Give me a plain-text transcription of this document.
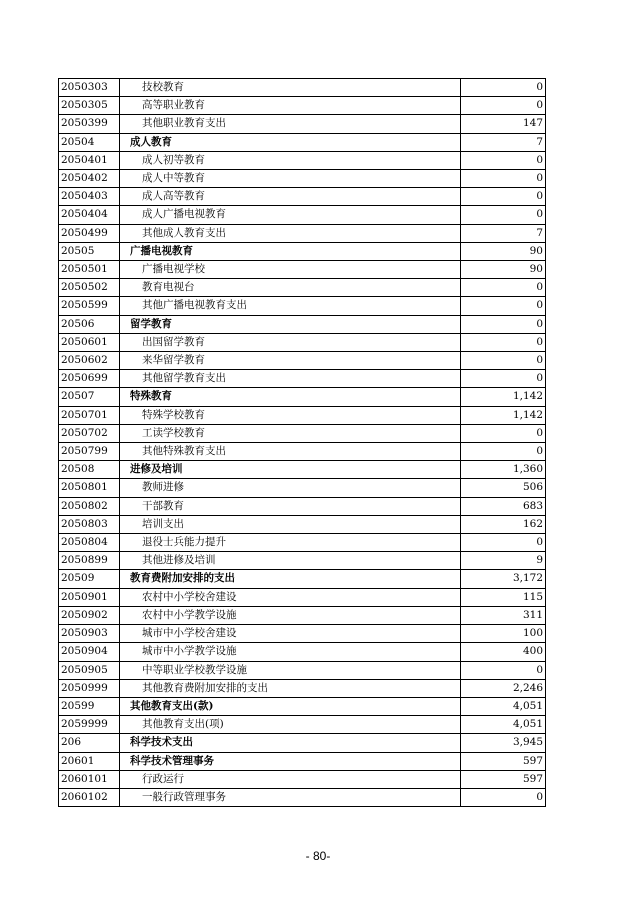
2050303	技校教育	0
2050305	高等职业教育	0
2050399	其他职业教育支出	147
20504	成人教育	7
2050401	成人初等教育	0
2050402	成人中等教育	0
2050403	成人高等教育	0
2050404	成人广播电视教育	0
2050499	其他成人教育支出	7
20505	广播电视教育	90
2050501	广播电视学校	90
2050502	教育电视台	0
2050599	其他广播电视教育支出	0
20506	留学教育	0
2050601	出国留学教育	0
2050602	来华留学教育	0
2050699	其他留学教育支出	0
20507	特殊教育	1,142
2050701	特殊学校教育	1,142
2050702	工读学校教育	0
2050799	其他特殊教育支出	0
20508	进修及培训	1,360
2050801	教师进修	506
2050802	干部教育	683
2050803	培训支出	162
2050804	退役士兵能力提升	0
2050899	其他进修及培训	9
20509	教育费附加安排的支出	3,172
2050901	农村中小学校舍建设	115
2050902	农村中小学教学设施	311
2050903	城市中小学校舍建设	100
2050904	城市中小学教学设施	400
2050905	中等职业学校教学设施	0
2050999	其他教育费附加安排的支出	2,246
20599	其他教育支出(款)	4,051
2059999	其他教育支出(项)	4,051
206	科学技术支出	3,945
20601	科学技术管理事务	597
2060101	行政运行	597
2060102	一般行政管理事务	0
- 80-
